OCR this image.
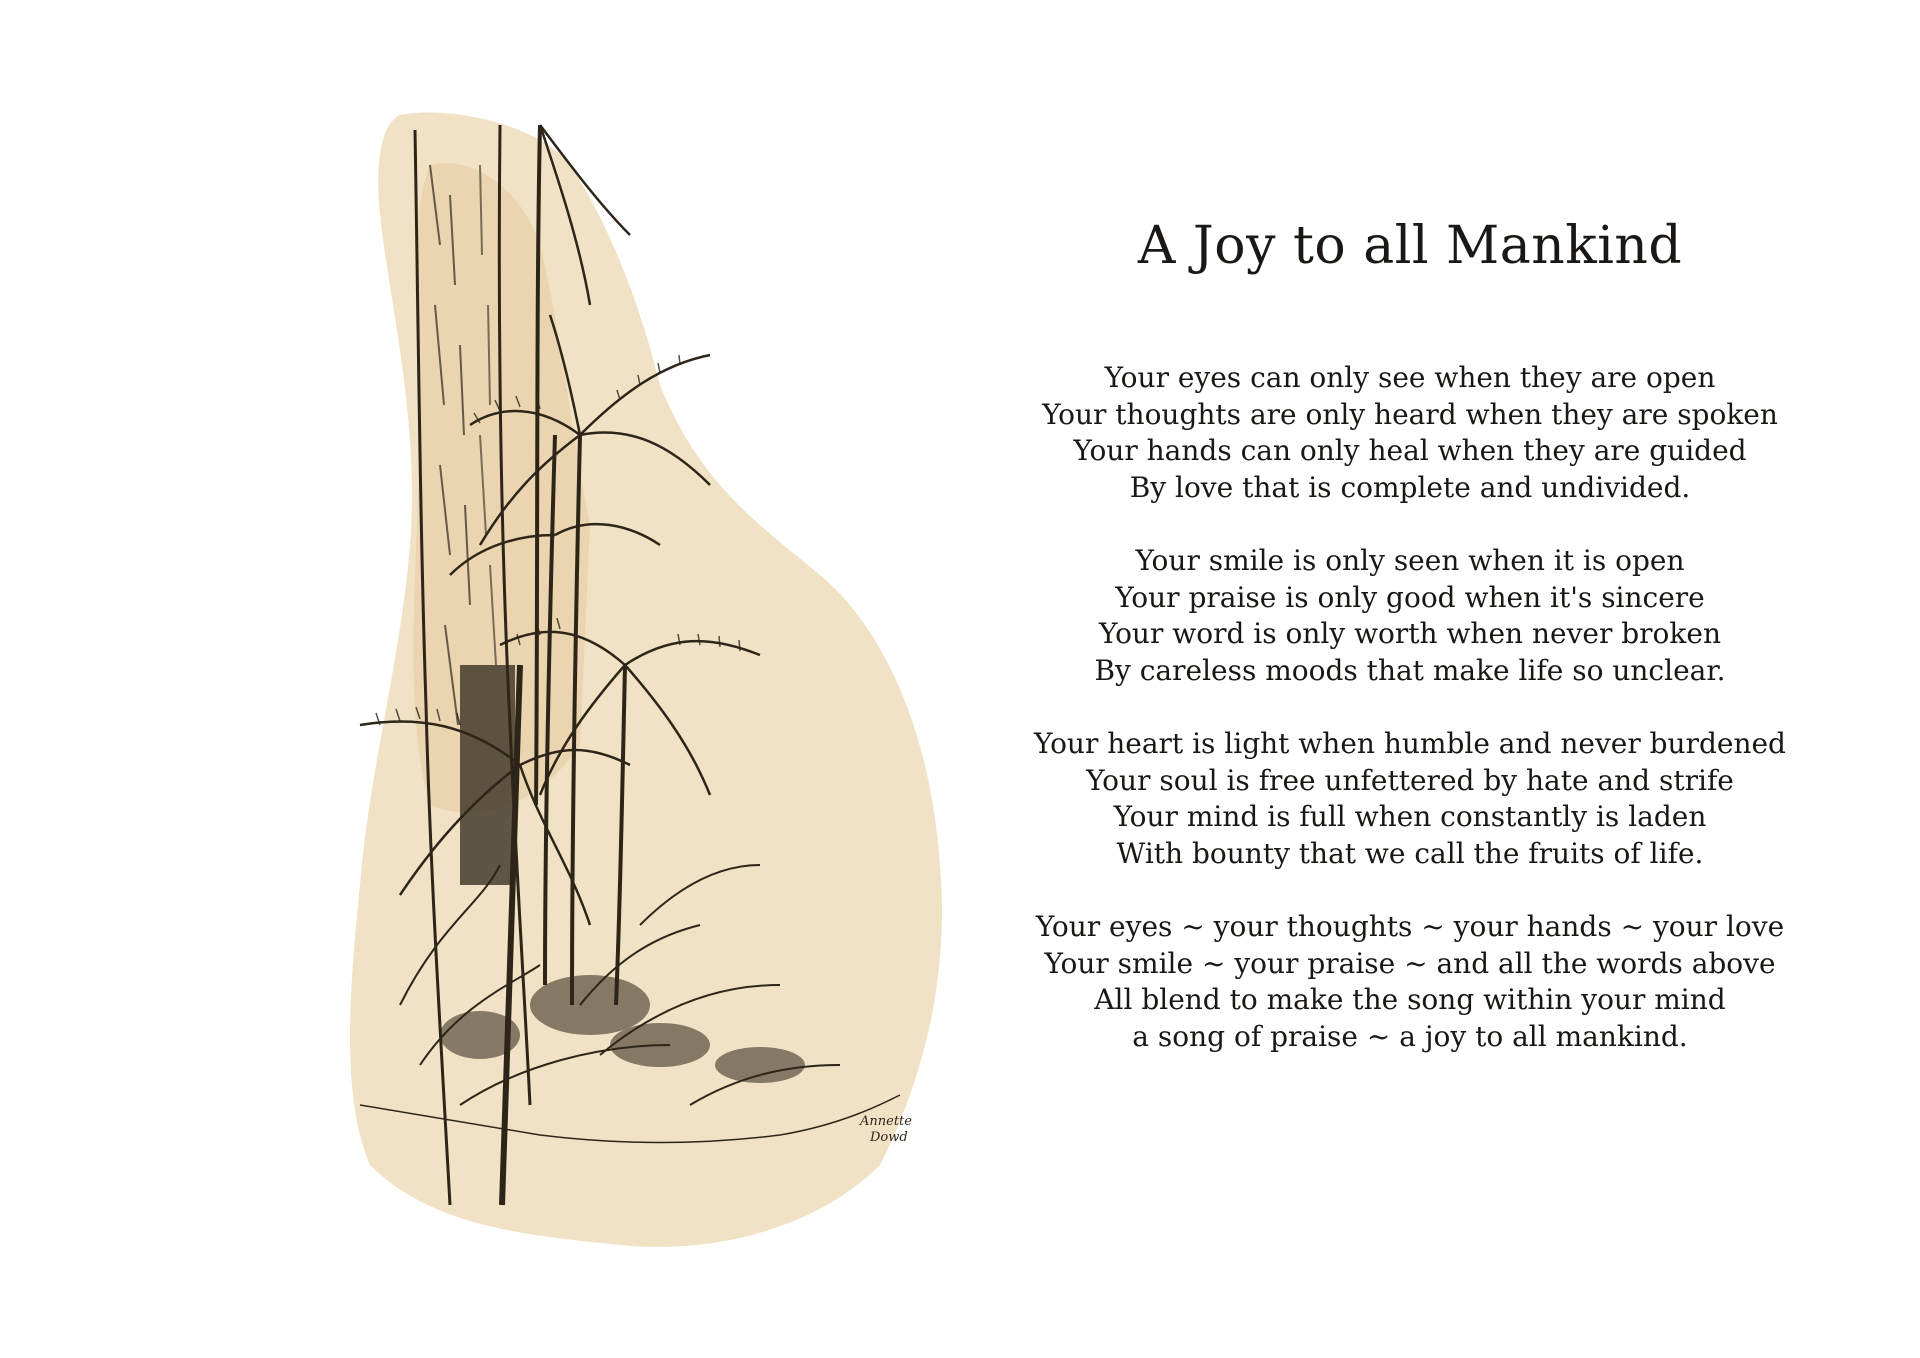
Annette
Dowd
A Joy to all Mankind
Your eyes can only see when they are open
Your thoughts are only heard when they are spoken
Your hands can only heal when they are guided
By love that is complete and undivided.
Your smile is only seen when it is open
Your praise is only good when it's sincere
Your word is only worth when never broken
By careless moods that make life so unclear.
Your heart is light when humble and never burdened
Your soul is free unfettered by hate and strife
Your mind is full when constantly is laden
With bounty that we call the fruits of life.
Your eyes ~ your thoughts ~ your hands ~ your love
Your smile ~ your praise ~ and all the words above
All blend to make the song within your mind
a song of praise ~ a joy to all mankind.
